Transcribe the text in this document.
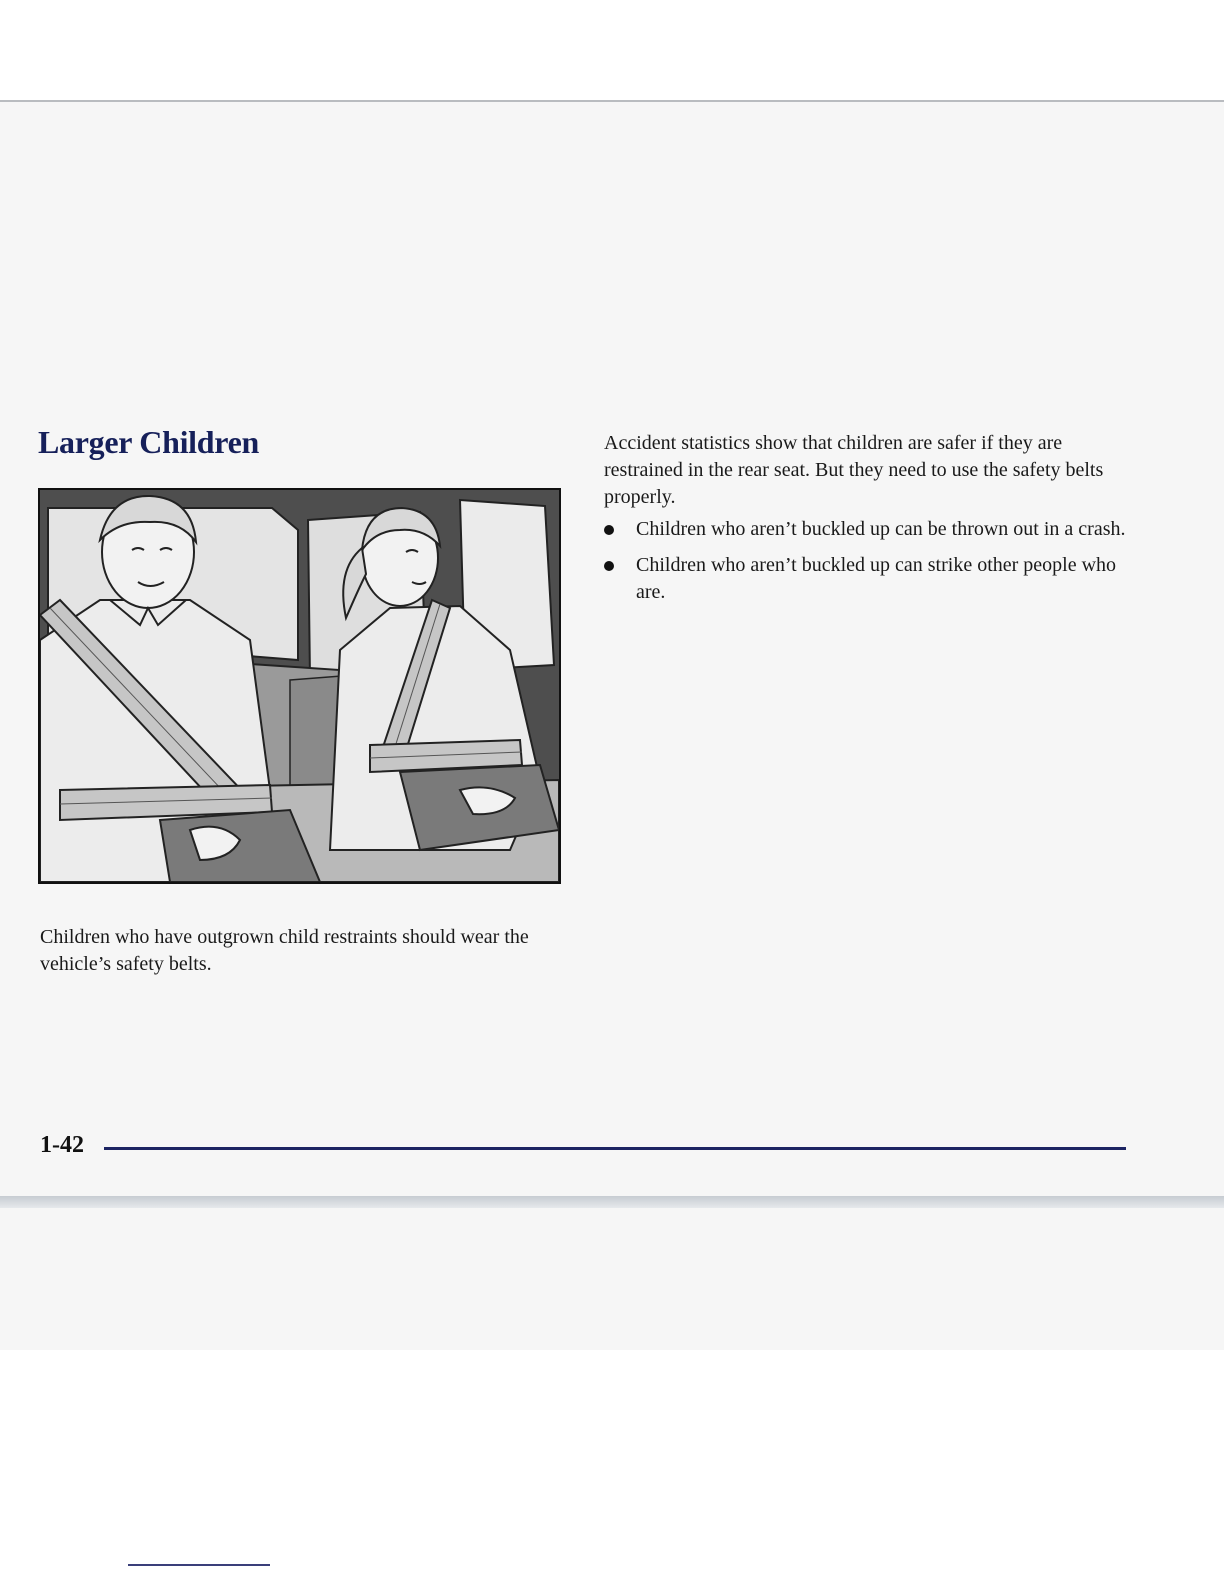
Larger Children

Children who have outgrown child restraints should wear the vehicle’s safety belts.

Accident statistics show that children are safer if they are restrained in the rear seat. But they need to use the safety belts properly.

Children who aren’t buckled up can be thrown out in a crash.
Children who aren’t buckled up can strike other people who are.

1-42
